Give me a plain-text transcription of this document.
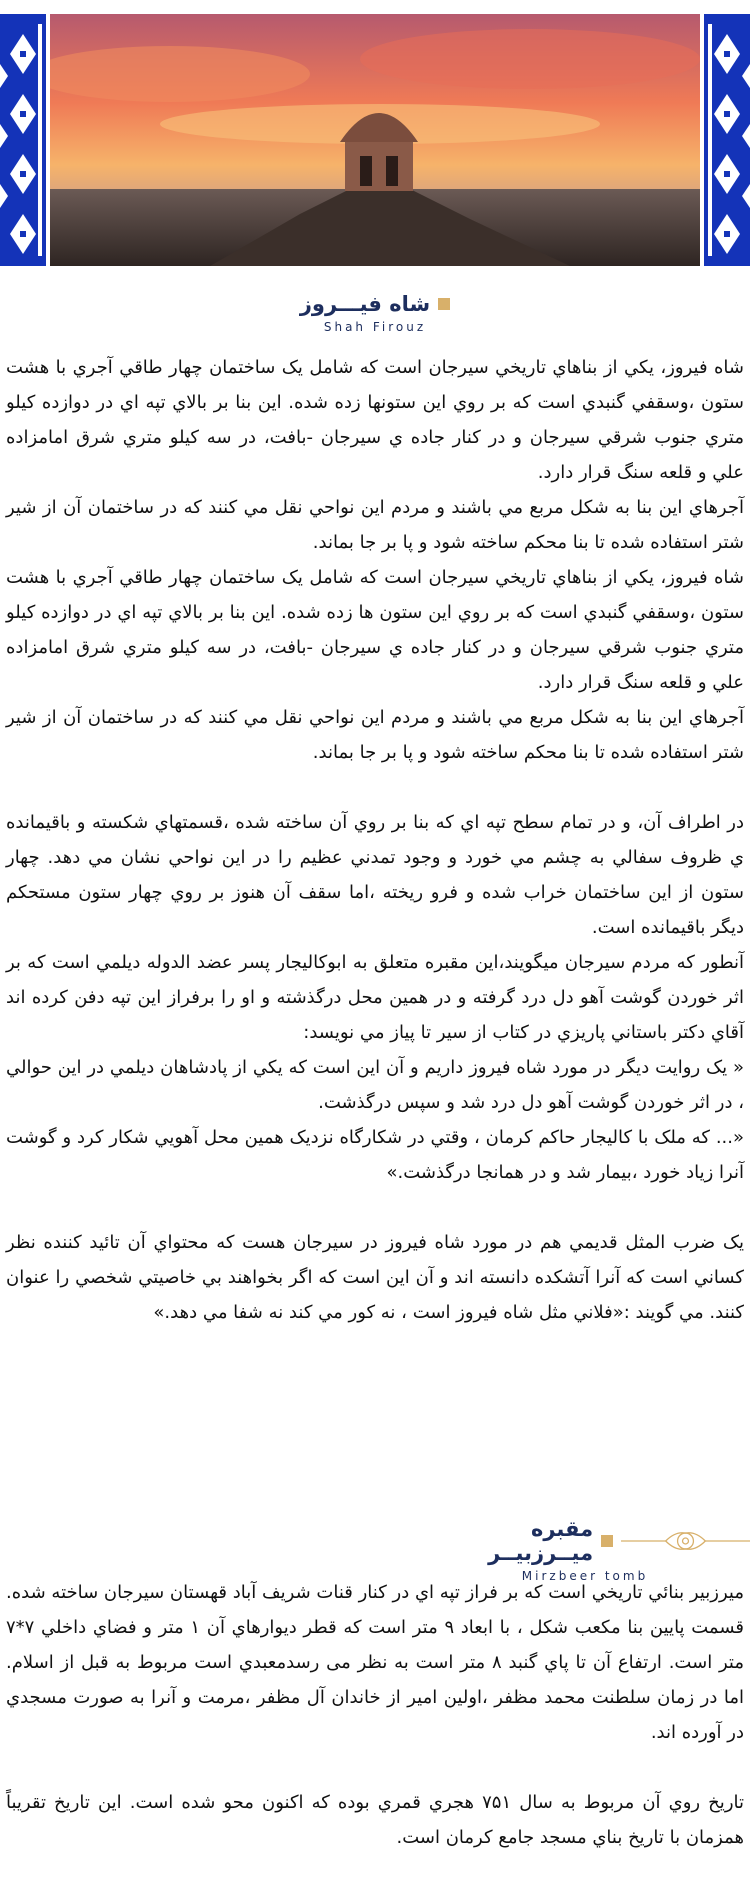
شاه فیـــروز
Shah Firouz

شاه فيروز، يکي از بناهاي تاريخي سيرجان است که شامل يک ساختمان چهار طاقي آجري با هشت ستون ،وسقفي گنبدي است که بر روي اين ستونها زده شده. اين بنا بر بالاي تپه اي در دوازده کيلو متري جنوب شرقي سيرجان و در کنار جاده ي سيرجان -بافت، در سه کيلو متري شرق امامزاده علي و قلعه سنگ قرار دارد.

آجرهاي اين بنا به شکل مربع مي باشند و مردم اين نواحي نقل مي کنند که در ساختمان آن از شير شتر استفاده شده تا بنا محکم ساخته شود و پا بر جا بماند.

شاه فيروز، يکي از بناهاي تاريخي سيرجان است که شامل يک ساختمان چهار طاقي آجري با هشت ستون ،وسقفي گنبدي است که بر روي اين ستون ها زده شده. اين بنا بر بالاي تپه اي در دوازده کيلو متري جنوب شرقي سيرجان و در کنار جاده ي سيرجان -بافت، در سه کيلو متري شرق امامزاده علي و قلعه سنگ قرار دارد.

آجرهاي اين بنا به شکل مربع مي باشند و مردم اين نواحي نقل مي کنند که در ساختمان آن از شير شتر استفاده شده تا بنا محکم ساخته شود و پا بر جا بماند.

در اطراف آن، و در تمام سطح تپه اي که بنا بر روي آن ساخته شده ،قسمتهاي شکسته و باقيمانده ي ظروف سفالي به چشم مي خورد و وجود تمدني عظيم را در اين نواحي نشان مي دهد. چهار ستون از اين ساختمان خراب شده و فرو ريخته ،اما سقف آن هنوز بر روي چهار ستون مستحکم ديگر باقيمانده است.

آنطور که مردم سيرجان ميگويند،اين مقبره متعلق به ابوکاليجار پسر عضد الدوله ديلمي است که بر اثر خوردن گوشت آهو دل درد گرفته و در همين محل درگذشته و او را برفراز اين تپه دفن کرده اند آقاي دکتر باستاني پاريزي در کتاب از سير تا پياز مي نويسد:

« يک روايت ديگر در مورد شاه فيروز داريم و آن اين است که يکي از پادشاهان ديلمي در اين حوالي ، در اثر خوردن گوشت آهو دل درد شد و سپس درگذشت.

«... که ملک با کاليجار حاکم کرمان ، وقتي در شکارگاه نزديک همين محل آهويي شکار کرد و گوشت آنرا زياد خورد ،بيمار شد و در همانجا درگذشت.»

يک ضرب المثل قديمي هم در مورد شاه فيروز در سيرجان هست که محتواي آن تائيد کننده نظر کساني است که آنرا آتشکده دانسته اند و آن اين است که اگر بخواهند بي خاصيتي شخصي را عنوان کنند. مي گويند :«فلاني مثل شاه فيروز است ، نه کور مي کند نه شفا مي دهد.»

مقبره میــرزبیــر
Mirzbeer tomb

ميرزبير بنائي تاريخي است که بر فراز تپه اي در کنار قنات شريف آباد قهستان سيرجان ساخته شده. قسمت پايين بنا مکعب شکل ، با ابعاد ۹ متر است که قطر ديوارهاي آن ۱ متر و فضاي داخلي ۷*۷ متر است. ارتفاع آن تا پاي گنبد ۸ متر است به نظر مى رسدمعبدي است مربوط به قبل از اسلام. اما در زمان سلطنت محمد مظفر ،اولين امير از خاندان آل مظفر ،مرمت و آنرا به صورت مسجدي در آورده اند.

تاريخ روي آن مربوط به سال ۷۵۱ هجري قمري بوده که اکنون محو شده است. اين تاريخ تقريباً همزمان با تاريخ بناي مسجد جامع کرمان است.
